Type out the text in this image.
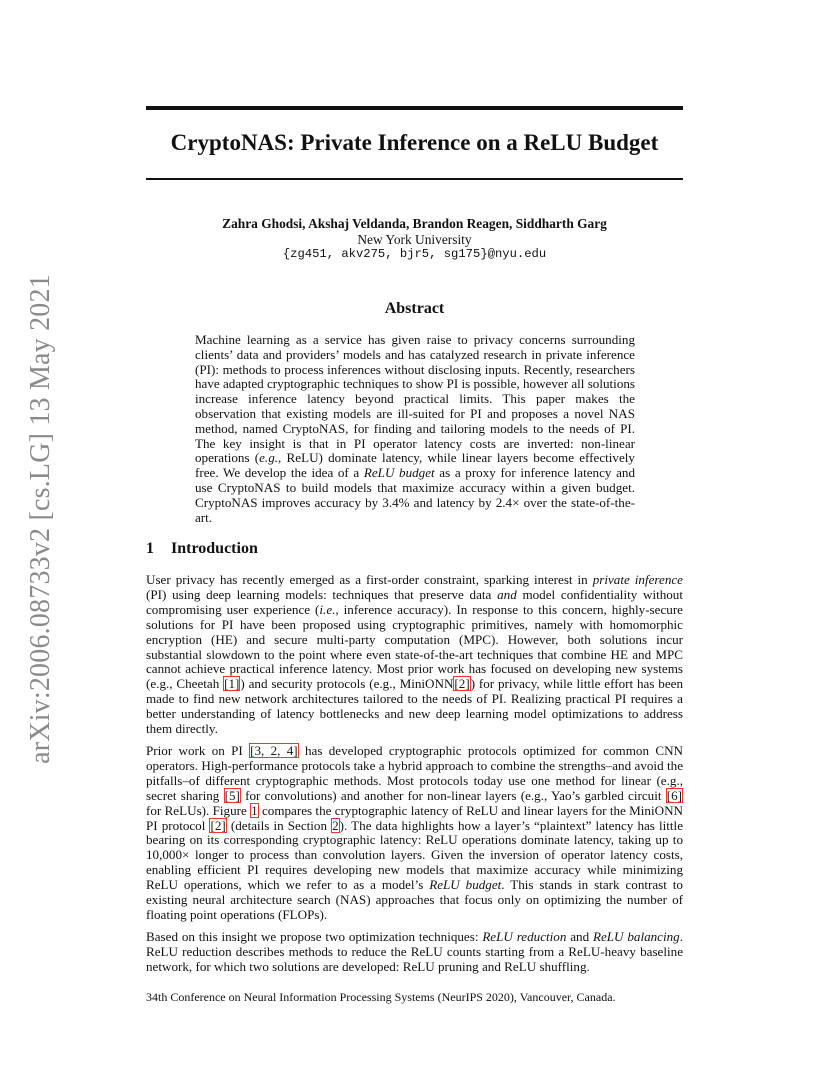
arXiv:2006.08733v2 [cs.LG] 13 May 2021
CryptoNAS: Private Inference on a ReLU Budget
Zahra Ghodsi, Akshaj Veldanda, Brandon Reagen, Siddharth Garg
New York University
{zg451, akv275, bjr5, sg175}@nyu.edu
Abstract

Machine learning as a service has given raise to privacy concerns surrounding clients’ data and providers’ models and has catalyzed research in private inference (PI): methods to process inferences without disclosing inputs. Recently, researchers have adapted cryptographic techniques to show PI is possible, however all solutions increase inference latency beyond practical limits. This paper makes the observation that existing models are ill-suited for PI and proposes a novel NAS method, named CryptoNAS, for finding and tailoring models to the needs of PI. The key insight is that in PI operator latency costs are inverted: non-linear operations (e.g., ReLU) dominate latency, while linear layers become effectively free. We develop the idea of a ReLU budget as a proxy for inference latency and use CryptoNAS to build models that maximize accuracy within a given budget. CryptoNAS improves accuracy by 3.4% and latency by 2.4× over the state-of-the-art.

1 Introduction

User privacy has recently emerged as a first-order constraint, sparking interest in private inference (PI) using deep learning models: techniques that preserve data and model confidentiality without compromising user experience (i.e., inference accuracy). In response to this concern, highly-secure solutions for PI have been proposed using cryptographic primitives, namely with homomorphic encryption (HE) and secure multi-party computation (MPC). However, both solutions incur substantial slowdown to the point where even state-of-the-art techniques that combine HE and MPC cannot achieve practical inference latency. Most prior work has focused on developing new systems (e.g., Cheetah [1]) and security protocols (e.g., MiniONN[2]) for privacy, while little effort has been made to find new network architectures tailored to the needs of PI. Realizing practical PI requires a better understanding of latency bottlenecks and new deep learning model optimizations to address them directly.

Prior work on PI [3, 2, 4] has developed cryptographic protocols optimized for common CNN operators. High-performance protocols take a hybrid approach to combine the strengths–and avoid the pitfalls–of different cryptographic methods. Most protocols today use one method for linear (e.g., secret sharing [5] for convolutions) and another for non-linear layers (e.g., Yao’s garbled circuit [6] for ReLUs). Figure 1 compares the cryptographic latency of ReLU and linear layers for the MiniONN PI protocol [2] (details in Section 2). The data highlights how a layer’s “plaintext” latency has little bearing on its corresponding cryptographic latency: ReLU operations dominate latency, taking up to 10,000× longer to process than convolution layers. Given the inversion of operator latency costs, enabling efficient PI requires developing new models that maximize accuracy while minimizing ReLU operations, which we refer to as a model’s ReLU budget. This stands in stark contrast to existing neural architecture search (NAS) approaches that focus only on optimizing the number of floating point operations (FLOPs).

Based on this insight we propose two optimization techniques: ReLU reduction and ReLU balancing. ReLU reduction describes methods to reduce the ReLU counts starting from a ReLU-heavy baseline network, for which two solutions are developed: ReLU pruning and ReLU shuffling.

34th Conference on Neural Information Processing Systems (NeurIPS 2020), Vancouver, Canada.
